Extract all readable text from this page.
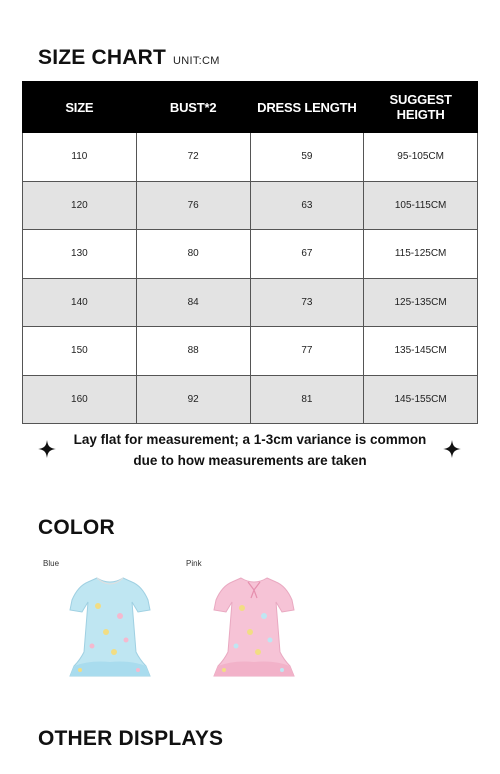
SIZE CHART UNIT:CM
SIZE	BUST*2	DRESS LENGTH	SUGGEST HEIGTH
110	72	59	95-105CM
120	76	63	105-115CM
130	80	67	115-125CM
140	84	73	125-135CM
150	88	77	135-145CM
160	92	81	145-155CM
Lay flat for measurement; a 1-3cm variance is common
due to how measurements are taken
COLOR
Blue	Pink
OTHER DISPLAYS
